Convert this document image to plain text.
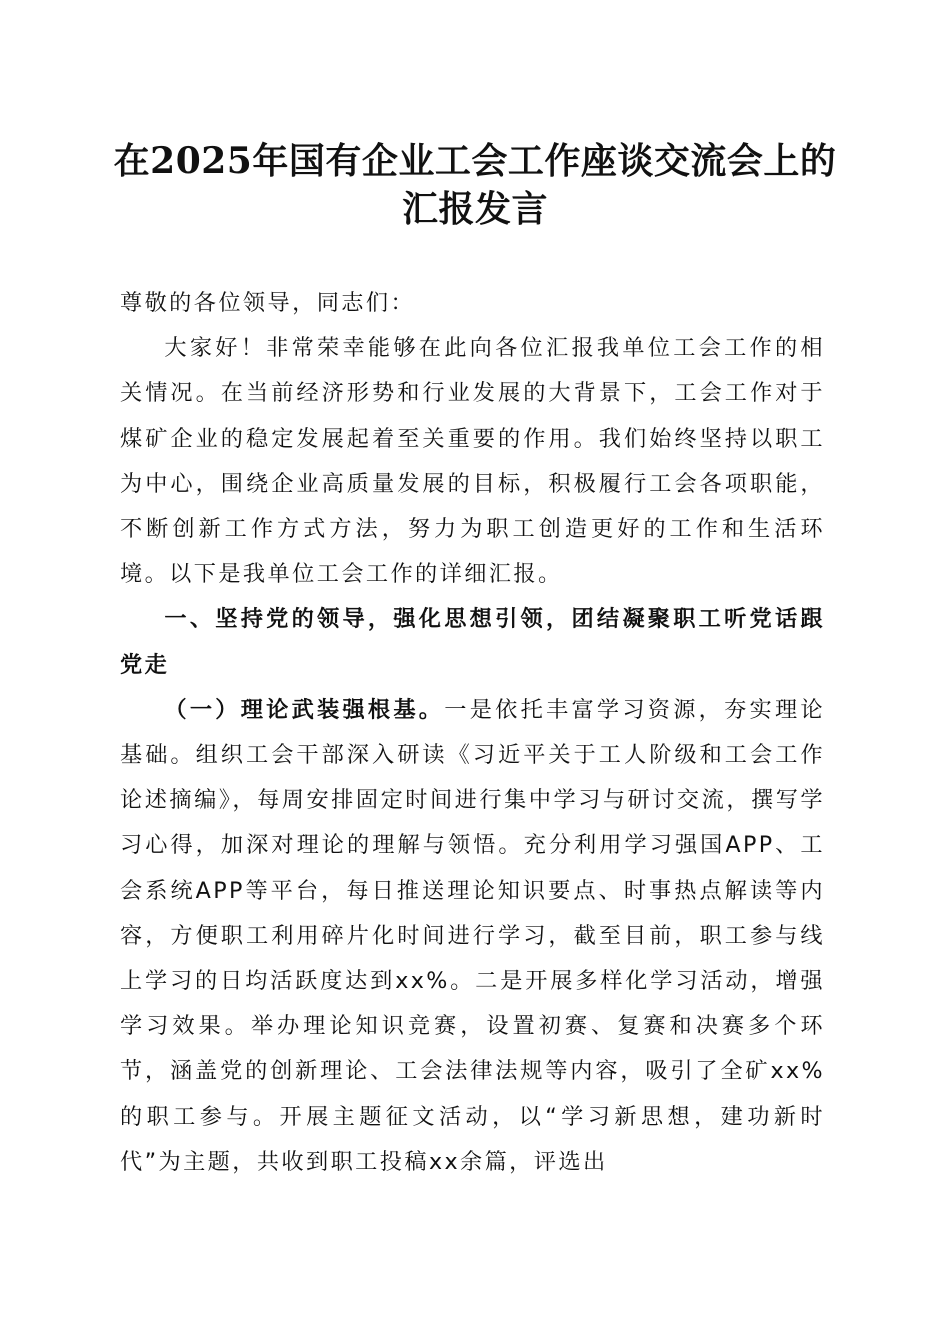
在2025年国有企业工会工作座谈交流会上的汇报发言

尊敬的各位领导，同志们：

大家好！非常荣幸能够在此向各位汇报我单位工会工作的相关情况。在当前经济形势和行业发展的大背景下，工会工作对于煤矿企业的稳定发展起着至关重要的作用。我们始终坚持以职工为中心，围绕企业高质量发展的目标，积极履行工会各项职能，不断创新工作方式方法，努力为职工创造更好的工作和生活环境。以下是我单位工会工作的详细汇报。

一、坚持党的领导，强化思想引领，团结凝聚职工听党话跟党走

（一）理论武装强根基。一是依托丰富学习资源，夯实理论基础。组织工会干部深入研读《习近平关于工人阶级和工会工作论述摘编》，每周安排固定时间进行集中学习与研讨交流，撰写学习心得，加深对理论的理解与领悟。充分利用学习强国APP、工会系统APP等平台，每日推送理论知识要点、时事热点解读等内容，方便职工利用碎片化时间进行学习，截至目前，职工参与线上学习的日均活跃度达到xx%。二是开展多样化学习活动，增强学习效果。举办理论知识竞赛，设置初赛、复赛和决赛多个环节，涵盖党的创新理论、工会法律法规等内容，吸引了全矿xx%的职工参与。开展主题征文活动，以“学习新思想，建功新时代”为主题，共收到职工投稿xx余篇，评选出
